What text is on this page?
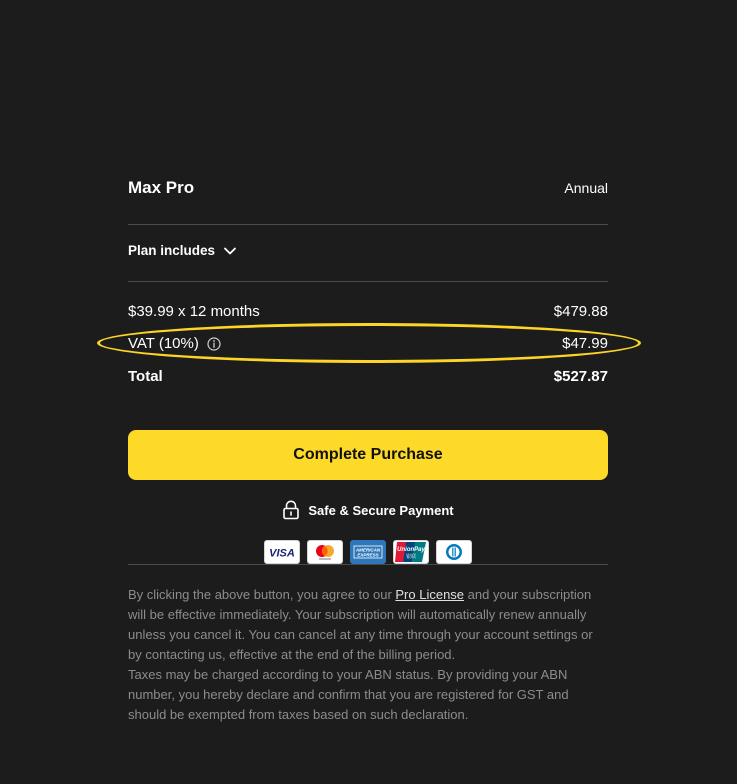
Max Pro	Annual
Plan includes
$39.99 x 12 months	$479.88
VAT (10%)	$47.99
Total	$527.87
Complete Purchase
Safe & Secure Payment
VISA	AMERICAN
EXPRESS
UnionPay
银联

By clicking the above button, you agree to our Pro License and your subscription will be effective immediately. Your subscription will automatically renew annually unless you cancel it. You can cancel at any time through your account settings or by contacting us, effective at the end of the billing period.

Taxes may be charged according to your ABN status. By providing your ABN number, you hereby declare and confirm that you are registered for GST and should be exempted from taxes based on such declaration.
